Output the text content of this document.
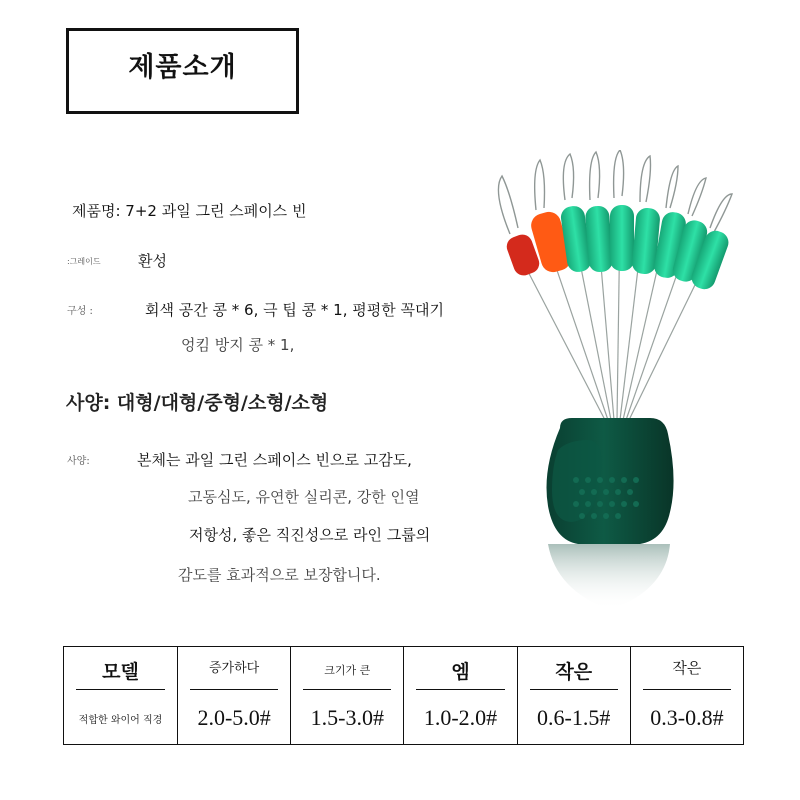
제품소개
제품명: 7+2 과일 그린 스페이스 빈
:그레이드 환성
구성 :	회색 공간 콩 * 6, 극 팁 콩 * 1, 평평한 꼭대기
엉킴 방지 콩 * 1,
사양: 대형/대형/중형/소형/소형
사양:	본체는 과일 그린 스페이스 빈으로 고감도,
고동심도, 유연한 실리콘, 강한 인열
저항성, 좋은 직진성으로 라인 그룹의
감도를 효과적으로 보장합니다.
모델
적합한 와이어 직경
증가하다
2.0-5.0#
크기가 큰
1.5-3.0#
엠
1.0-2.0#
작은
0.6-1.5#
작은
0.3-0.8#
